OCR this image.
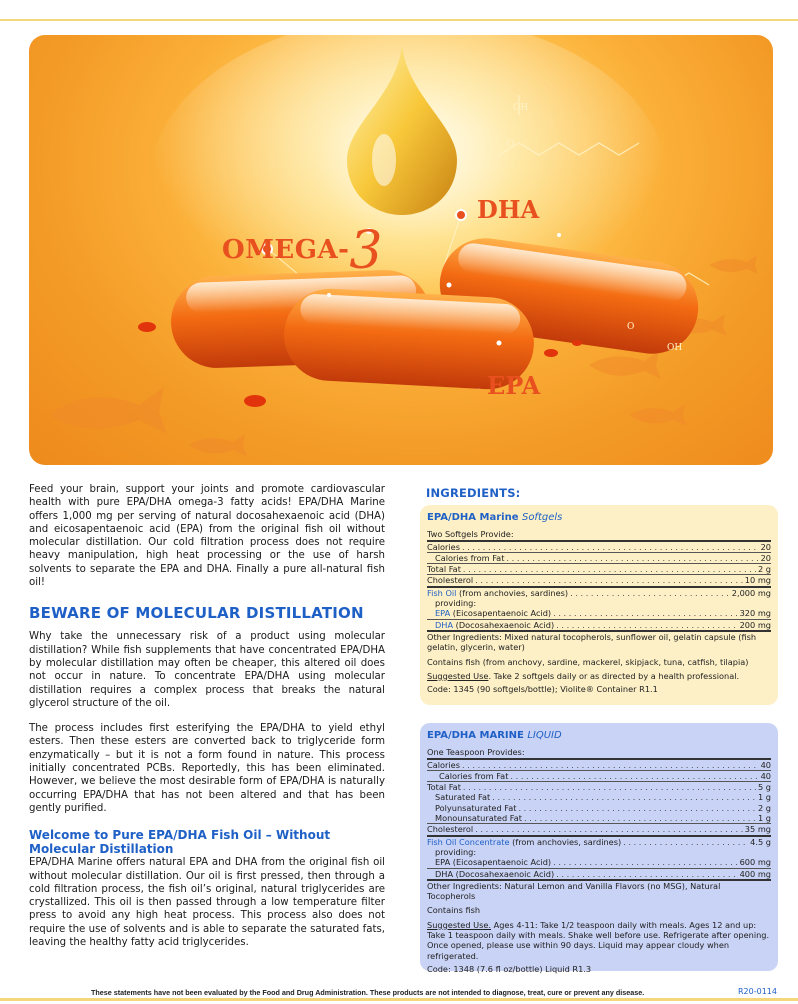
OMEGA-3
DHA
EPA
OH
O
O
OH

Feed your brain, support your joints and promote cardiovascular health with pure EPA/DHA omega-3 fatty acids! EPA/DHA Marine offers 1,000 mg per serving of natural docosahexaenoic acid (DHA) and eicosapentaenoic acid (EPA) from the original fish oil without molecular distillation. Our cold filtration process does not require heavy manipulation, high heat processing or the use of harsh solvents to separate the EPA and DHA. Finally a pure all-natural fish oil!

BEWARE OF MOLECULAR DISTILLATION

Why take the unnecessary risk of a product using molecular distillation? While fish supplements that have concentrated EPA/DHA by molecular distillation may often be cheaper, this altered oil does not occur in nature. To concentrate EPA/DHA using molecular distillation requires a complex process that breaks the natural glycerol structure of the oil.

The process includes first esterifying the EPA/DHA to yield ethyl esters. Then these esters are converted back to triglyceride form enzymatically – but it is not a form found in nature. This process initially concentrated PCBs. Reportedly, this has been eliminated. However, we believe the most desirable form of EPA/DHA is naturally occurring EPA/DHA that has not been altered and that has been gently purified.

Welcome to Pure EPA/DHA Fish Oil – Without Molecular Distillation

EPA/DHA Marine offers natural EPA and DHA from the original fish oil without molecular distillation. Our oil is first pressed, then through a cold filtration process, the fish oil’s original, natural triglycerides are crystallized. This oil is then passed through a low temperature filter press to avoid any high heat process. This process also does not require the use of solvents and is able to separate the saturated fats, leaving the healthy fatty acid triglycerides.

INGREDIENTS:
EPA/DHA Marine Softgels
Two Softgels Provide:
Calories . . .	20
Calories from Fat . . .	20
Total Fat . . .	2 g
Cholesterol . . .	10 mg
Fish Oil (from anchovies, sardines) . . .	2,000 mg
providing:
EPA (Eicosapentaenoic Acid) . . .	320 mg
DHA (Docosahexaenoic Acid) . . .	200 mg

Other Ingredients: Mixed natural tocopherols, sunflower oil, gelatin capsule (fish gelatin, glycerin, water)

Contains fish (from anchovy, sardine, mackerel, skipjack, tuna, catfish, tilapia)

Suggested Use. Take 2 softgels daily or as directed by a health professional.

Code: 1345 (90 softgels/bottle); Violite® Container R1.1

EPA/DHA MARINE LIQUID
One Teaspoon Provides:
Calories . . .	40
Calories from Fat . . .	40
Total Fat . . .	5 g
Saturated Fat . . .	1 g
Polyunsaturated Fat . . .	2 g
Monounsaturated Fat . . .	1 g
Cholesterol . . .	35 mg
Fish Oil Concentrate (from anchovies, sardines) . . .	4.5 g
providing:
EPA (Eicosapentaenoic Acid) . . .	600 mg
DHA (Docosahexaenoic Acid) . . .	400 mg

Other Ingredients: Natural Lemon and Vanilla Flavors (no MSG), Natural Tocopherols

Contains fish

Suggested Use. Ages 4-11: Take 1/2 teaspoon daily with meals. Ages 12 and up: Take 1 teaspoon daily with meals. Shake well before use. Refrigerate after opening. Once opened, please use within 90 days. Liquid may appear cloudy when refrigerated.

Code: 1348 (7.6 fl oz/bottle) Liquid R1.3

These statements have not been evaluated by the Food and Drug Administration. These products are not intended to diagnose, treat, cure or prevent any disease.	R20-0114
